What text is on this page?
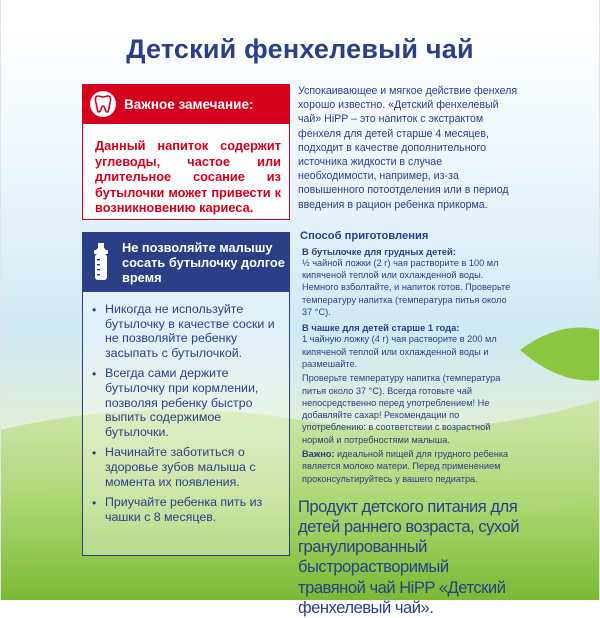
Детский фенхелевый чай
Важное замечание:
Данный напиток содержит углеводы, частое или длительное сосание из бутылочки может привести к возникновению кариеса.
Не позволяйте малышу сосать бутылочку долгое время
• Никогда не используйте бутылочку в качестве соски и не позволяйте ребенку засыпать с бутылочкой.
• Всегда сами держите бутылочку при кормлении, позволяя ребенку быстро выпить содержимое бутылочки.
• Начинайте заботиться о здоровье зубов малыша с момента их появления.
• Приучайте ребенка пить из чашки с 8 месяцев.
Успокаивающее и мягкое действие фенхеля хорошо известно. «Детский фенхелевый чай» HiPP – это напиток с экстрактом фенхеля для детей старше 4 месяцев, подходит в качестве дополнительного источника жидкости в случае необходимости, например, из-за повышенного потоотделения или в период введения в рацион ребенка прикорма.
Способ приготовления
В бутылочке для грудных детей:
½ чайной ложки (2 г) чая растворите в 100 мл кипяченой теплой или охлажденной воды. Немного взболтайте, и напиток готов. Проверьте температуру напитка (температура питья около 37 °С).
В чашке для детей старше 1 года:
1 чайную ложку (4 г) чая растворите в 200 мл кипяченой теплой или охлажденной воды и размешайте.
Проверьте температуру напитка (температура питья около 37 °С). Всегда готовьте чай непосредственно перед употреблением! Не добавляйте сахар! Рекомендации по употреблению: в соответствии с возрастной нормой и потребностями малыша.
Важно: идеальной пищей для грудного ребенка является молоко матери. Перед применением проконсультируйтесь у вашего педиатра.
Продукт детского питания для детей раннего возраста, сухой гранулированный быстрорастворимый травяной чай HiPP «Детский фенхелевый чай».
